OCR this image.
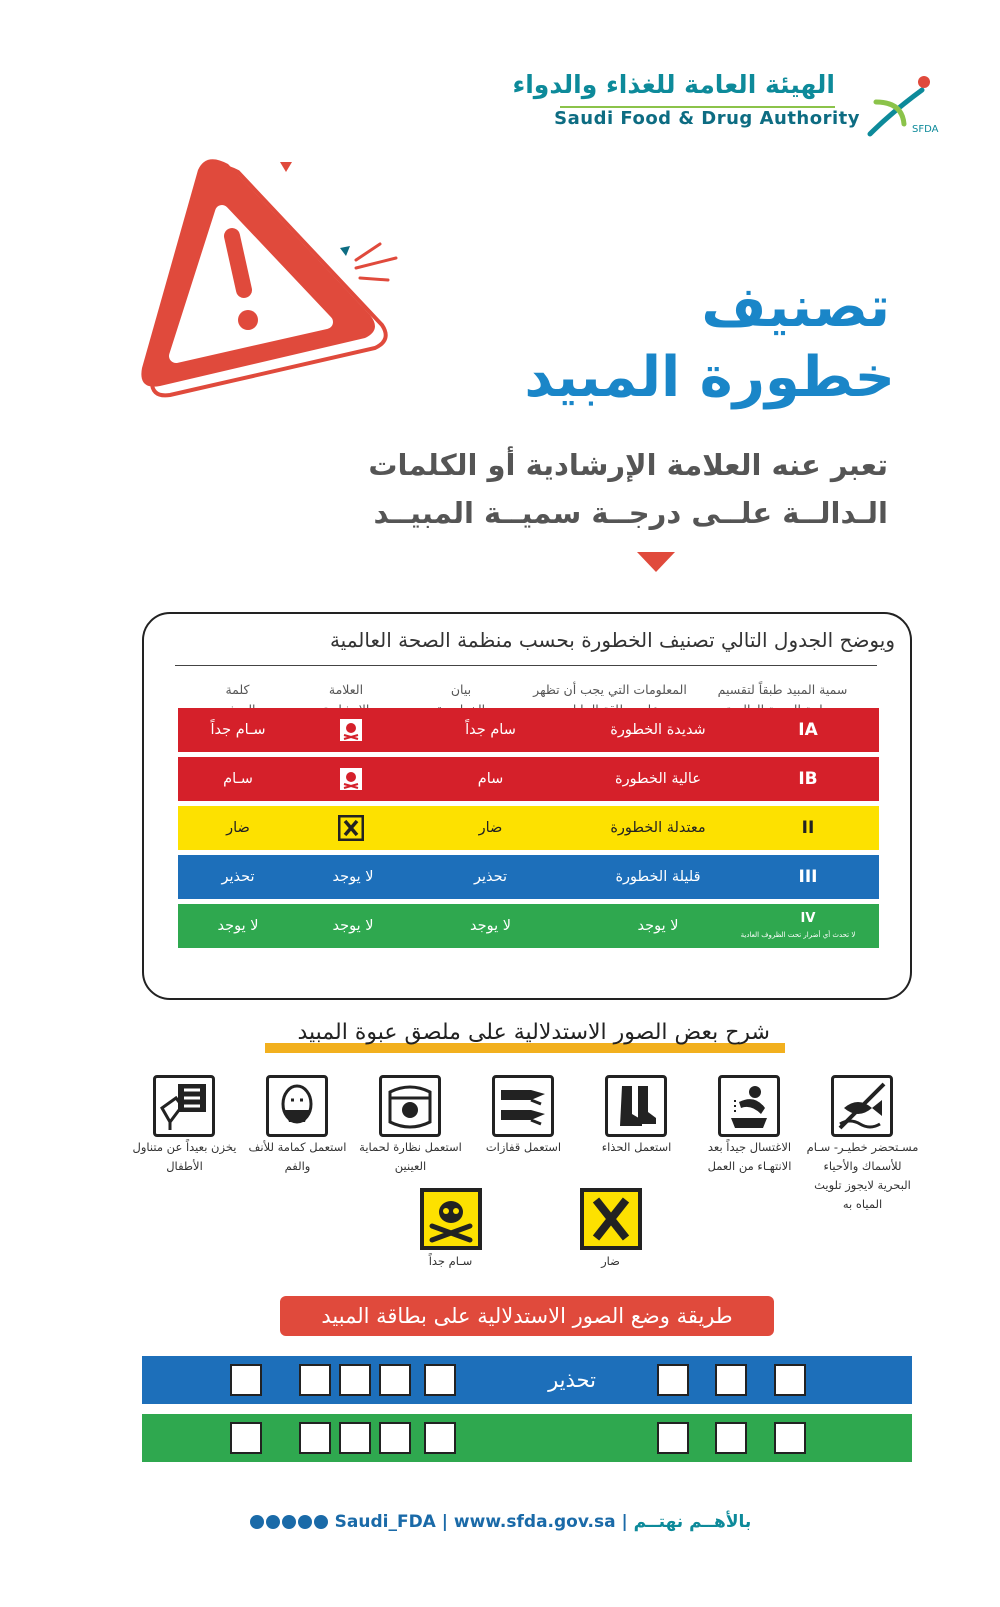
الهيئة العامة للغذاء والدواء
Saudi Food & Drug Authority
SFDA
تصنيف
خطورة المبيد
تعبر عنه العلامة الإرشادية أو الكلمات
الـدالــة علــى درجــة سميــة المبيــد
ويوضح الجدول التالي تصنيف الخطورة بحسب منظمة الصحة العالمية
سمية المبيد طبقاً لتقسيم
المعلومات التي يجب أن تظهر
بيان
العلامة
كلمة
IA
شديدة الخطورة
سام جداً
سـام جداً
IB
عالية الخطورة
سام
سـام
II
معتدلة الخطورة
ضار
ضار
III
قليلة الخطورة
تحذير
لا يوجد
تحذير
IV
لا تحدث أي أضرار تحت الظروف العادية
لا يوجد
لا يوجد
لا يوجد
لا يوجد
شرح بعض الصور الاستدلالية على ملصق عبوة المبيد
مسـتحضر خطيـر- سـام للأسماك والأحياء البحرية لايجوز تلويث المياه به
الاغتسال جيداً بعد الانتهـاء من العمل
استعمل الحذاء
استعمل قفازات
استعمل نظارة لحماية العينين
استعمل كمامة للأنف والفم
يخزن بعيداً عن متناول الأطفال
ضار
سـام جداً
طريقة وضع الصور الاستدلالية على بطاقة المبيد
تحذير
Saudi_FDA | www.sfda.gov.sa | بالأهــم نهتــم
